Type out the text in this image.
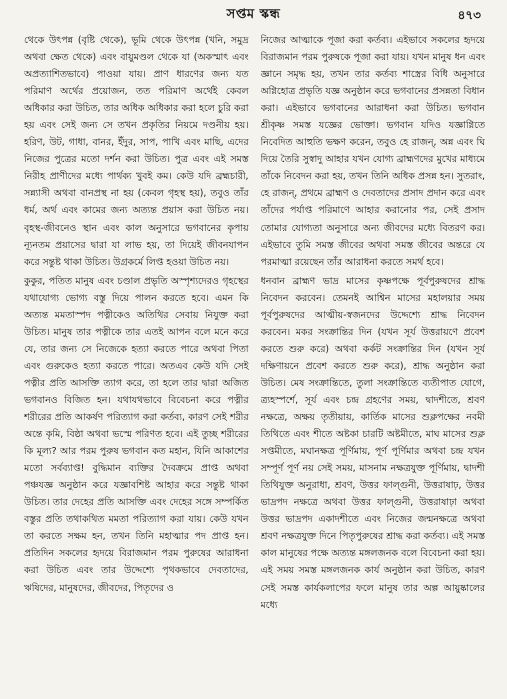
সপ্তম স্কন্ধ	৪৭৩

থেকে উৎপন্ন (বৃষ্টি থেকে), ভূমি থেকে উৎপন্ন (খনি, সমুদ্র অথবা ক্ষেত থেকে) এবং বায়ুমণ্ডল থেকে যা (অকস্মাৎ এবং অপ্রত্যাশিতভাবে) পাওয়া যায়। প্রাণ ধারণের জন্য যত পরিমাণ অর্থের প্রয়োজন, তত পরিমাণ অর্থেই কেবল অধিকার করা উচিত, তার অধিক অধিকার করা হলে চুরি করা হয় এবং সেই জন্য সে তখন প্রকৃতির নিয়মে দণ্ডনীয় হয়। হরিণ, উট, গাধা, বানর, ইঁদুর, সাপ, পাখি এবং মাছি, এদের নিজের পুত্রের মতো দর্শন করা উচিত। পুত্র এবং এই সমস্ত নিরীহ প্রাণীদের মধ্যে পার্থক্য খুবই কম। কেউ যদি ব্রহ্মচারী, সন্ন্যাসী অথবা বানপ্রস্থ না হয় (কেবল গৃহস্থ হয়), তবুও তাঁর ধর্ম, অর্থ এবং কামের জন্য অত্যন্ত প্রয়াস করা উচিত নয়। বৃহস্থ-জীবনেও স্থান এবং কাল অনুসারে ভগবানের কৃপায় ন্যূনতম প্রয়াসের দ্বারা যা লাভ হয়, তা দিয়েই জীবনযাপন করে সন্তুষ্ট থাকা উচিত। উগ্রকর্মে লিপ্ত হওয়া উচিত নয়।

কুকুর, পতিত মানুষ এবং চণ্ডাল প্রভৃতি অস্পৃশ্যদেরও গৃহস্থের যথাযোগ্য ভোগ্য বস্তু দিয়ে পালন করতে হবে। এমন কি অত্যন্ত মমতাস্পদ পত্নীকেও অতিথির সেবায় নিযুক্ত করা উচিত। মানুষ তার পত্নীকে তার এতই আপন বলে মনে করে যে, তার জন্য সে নিজেকে হত্যা করতে পারে অথবা পিতা এবং গুরুকেও হত্যা করতে পারে। অতএব কেউ যদি সেই পত্নীর প্রতি আসক্তি ত্যাগ করে, তা হলে তার দ্বারা অজিত ভগবানও বিজিত হন। যথাযথভাবে বিবেচনা করে পত্নীর শরীরের প্রতি আকর্ষণ পরিত্যাগ করা কর্তব্য, কারণ সেই শরীর অন্তে কৃমি, বিষ্ঠা অথবা ভস্মে পরিণত হবে। এই তুচ্ছ শরীরের কি মূল্য? আর পরম পুরুষ ভগবান কত মহান, যিনি আকাশের মতো সর্বব্যাপ্ত! বুদ্ধিমান ব্যক্তির দৈবক্রমে প্রাপ্ত অথবা পঞ্চযজ্ঞ অনুষ্ঠান করে যজ্ঞাবশিষ্ট আহার করে সন্তুষ্ট থাকা উচিত। তার দেহের প্রতি আসক্তি এবং দেহের সঙ্গে সম্পর্কিত বস্তুর প্রতি তথাকথিত মমতা পরিত্যাগ করা যায়। কেউ যখন তা করতে সক্ষম হন, তখন তিনি মহাত্মার পদ প্রাপ্ত হন। প্রতিদিন সকলের হৃদয়ে বিরাজমান পরম পুরুষের আরাধনা করা উচিত এবং তার উদ্দেশ্যে পৃথকভাবে দেবতাদের, ঋষিদের, মানুষদের, জীবদের, পিতৃদের ও

নিজের আত্মাকে পূজা করা কর্তব্য। এইভাবে সকলের হৃদয়ে বিরাজমান পরম পুরুষকে পূজা করা যায়। যখন মানুষ ধন এবং জ্ঞানে সমৃদ্ধ হয়, তখন তার কর্তব্য শাস্ত্রের বিধি অনুসারে অগ্নিহোত্র প্রভৃতি যজ্ঞ অনুষ্ঠান করে ভগবানের প্রসন্নতা বিধান করা। এইভাবে ভগবানের আরাধনা করা উচিত। ভগবান শ্রীকৃষ্ণ সমস্ত যজ্ঞের ভোক্তা। ভগবান যদিও যজ্ঞাগ্নিতে নিবেদিত আহুতি ভক্ষণ করেন, তবুও হে রাজন্, অন্ন এবং ঘি দিয়ে তৈরি সুস্বাদু আহার যখন যোগ্য ব্রাহ্মণদের মুখের মাধ্যমে তাঁকে নিবেদন করা হয়, তখন তিনি অধিক প্রসন্ন হন। সুতরাং, হে রাজন্, প্রথমে ব্রাহ্মণ ও দেবতাদের প্রসাদ প্রদান করে এবং তাঁদের পর্যাপ্ত পরিমাণে আহার করানোর পর, সেই প্রসাদ তোমার যোগ্যতা অনুসারে অন্য জীবদের মধ্যে বিতরণ কর। এইভাবে তুমি সমস্ত জীবের অথবা সমস্ত জীবের অন্তরে যে পরমাত্মা রয়েছেন তাঁর আরাধনা করতে সমর্থ হবে।

ধনবান ব্রাহ্মণ ভাদ্র মাসের কৃষ্ণপক্ষে পূর্বপুরুষদের শ্রাদ্ধ নিবেদন করবেন। তেমনই আশ্বিন মাসের মহালয়ার সময় পূর্বপুরুষদের আত্মীয়-স্বজনদের উদ্দেশ্যে শ্রাদ্ধ নিবেদন করবেন। মকর সংক্রান্তির দিন (যখন সূর্য উত্তরায়ণে প্রবেশ করতে শুরু করে) অথবা কর্কট সংক্রান্তির দিন (যখন সূর্য দক্ষিণায়নে প্রবেশ করতে শুরু করে), শ্রাদ্ধ অনুষ্ঠান করা উচিত। মেষ সংক্রান্তিতে, তুলা সংক্রান্তিতে ব্যতীপাত যোগে, ত্র্যহস্পর্শে, সূর্য এবং চন্দ্র গ্রহণের সময়, দ্বাদশীতে, শ্রবণ নক্ষত্রে, অক্ষয় তৃতীয়ায়, কার্তিক মাসের শুক্লপক্ষের নবমী তিথিতে এবং শীতে অষ্টকা চারটি অষ্টমীতে, মাঘ মাসের শুক্ল সপ্তমীতে, মঘানক্ষত্র পূর্ণিমায়, পূর্ণ পূর্ণিমার অথবা চন্দ্র যখন সম্পূর্ণ পূর্ণ নয় সেই সময়, মাসনাম নক্ষত্রযুক্ত পূর্ণিমায়, দ্বাদশী তিথিযুক্ত অনুরাধা, শ্রবণ, উত্তর ফাল্গুনী, উত্তরাষাঢ়, উত্তর ভাদ্রপদ নক্ষত্রে অথবা উত্তর ফাল্গুনী, উত্তরাষাঢ়া অথবা উত্তর ভাদ্রপদ একাদশীতে এবং নিজের জন্মনক্ষত্রে অথবা শ্রবণ নক্ষত্রযুক্ত দিনে পিতৃপুরুষের শ্রাদ্ধ করা কর্তব্য। এই সমস্ত কাল মানুষের পক্ষে অত্যন্ত মঙ্গলজনক বলে বিবেচনা করা হয়। এই সময় সমস্ত মঙ্গলজনক কার্য অনুষ্ঠান করা উচিত, কারণ সেই সমস্ত কার্যকলাপের ফলে মানুষ তার অল্প আয়ুষ্কালের মধ্যে
